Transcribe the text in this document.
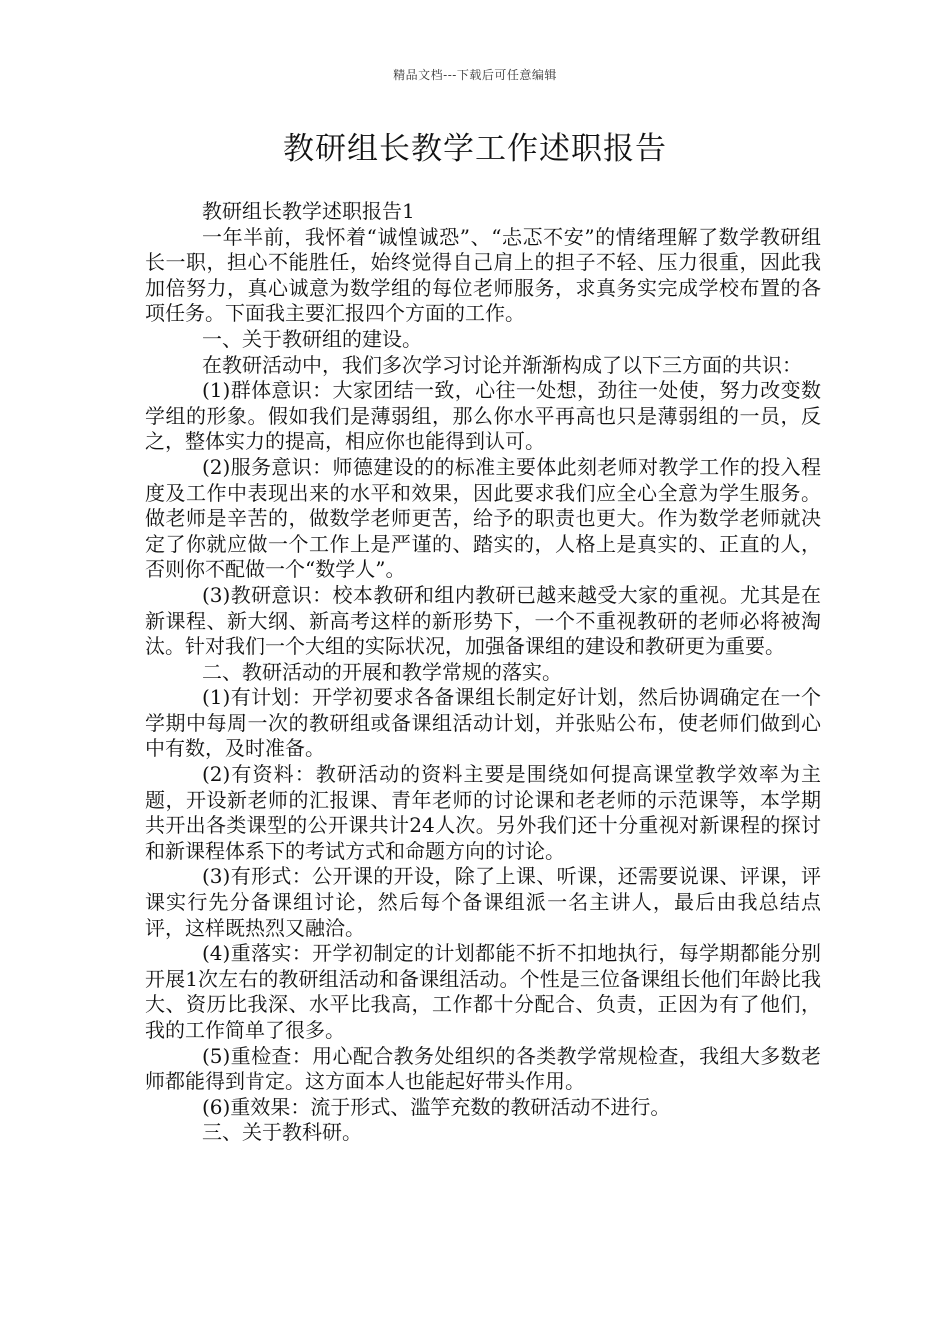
精品文档---下载后可任意编辑
教研组长教学工作述职报告

教研组长教学述职报告1

一年半前，我怀着“诚惶诚恐”、“忐忑不安”的情绪理解了数学教研组长一职，担心不能胜任，始终觉得自己肩上的担子不轻、压力很重，因此我加倍努力，真心诚意为数学组的每位老师服务，求真务实完成学校布置的各项任务。下面我主要汇报四个方面的工作。

一、关于教研组的建设。

在教研活动中，我们多次学习讨论并渐渐构成了以下三方面的共识：

(1)群体意识：大家团结一致，心往一处想，劲往一处使，努力改变数学组的形象。假如我们是薄弱组，那么你水平再高也只是薄弱组的一员，反之，整体实力的提高，相应你也能得到认可。

(2)服务意识：师德建设的的标准主要体此刻老师对教学工作的投入程度及工作中表现出来的水平和效果，因此要求我们应全心全意为学生服务。做老师是辛苦的，做数学老师更苦，给予的职责也更大。作为数学老师就决定了你就应做一个工作上是严谨的、踏实的，人格上是真实的、正直的人，否则你不配做一个“数学人”。

(3)教研意识：校本教研和组内教研已越来越受大家的重视。尤其是在新课程、新大纲、新高考这样的新形势下，一个不重视教研的老师必将被淘汰。针对我们一个大组的实际状况，加强备课组的建设和教研更为重要。

二、教研活动的开展和教学常规的落实。

(1)有计划：开学初要求各备课组长制定好计划，然后协调确定在一个学期中每周一次的教研组或备课组活动计划，并张贴公布，使老师们做到心中有数，及时准备。

(2)有资料：教研活动的资料主要是围绕如何提高课堂教学效率为主题，开设新老师的汇报课、青年老师的讨论课和老老师的示范课等，本学期共开出各类课型的公开课共计24人次。另外我们还十分重视对新课程的探讨和新课程体系下的考试方式和命题方向的讨论。

(3)有形式：公开课的开设，除了上课、听课，还需要说课、评课，评课实行先分备课组讨论，然后每个备课组派一名主讲人，最后由我总结点评，这样既热烈又融洽。

(4)重落实：开学初制定的计划都能不折不扣地执行，每学期都能分别开展1次左右的教研组活动和备课组活动。个性是三位备课组长他们年龄比我大、资历比我深、水平比我高，工作都十分配合、负责，正因为有了他们，我的工作简单了很多。

(5)重检查：用心配合教务处组织的各类教学常规检查，我组大多数老师都能得到肯定。这方面本人也能起好带头作用。

(6)重效果：流于形式、滥竽充数的教研活动不进行。

三、关于教科研。
